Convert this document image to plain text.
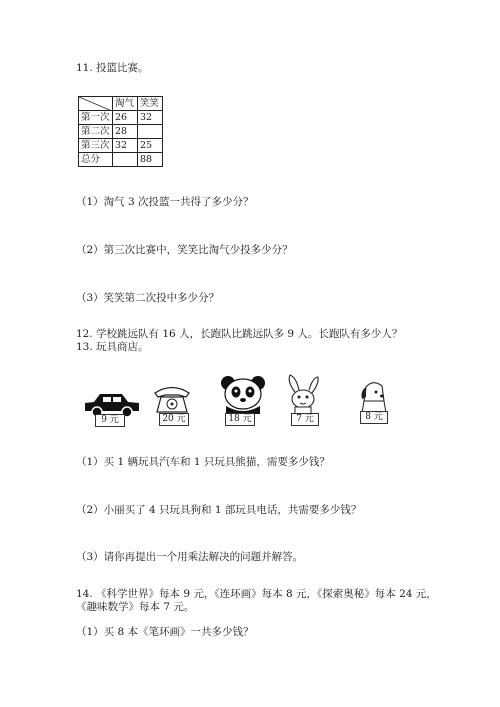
11. 投篮比赛。
	淘气	笑笑
第一次	26	32
第二次	28	
第三次	32	25
总分		88
（1）淘气 3 次投篮一共得了多少分？
（2）第三次比赛中，笑笑比淘气少投多少分？
（3）笑笑第二次投中多少分？
12. 学校跳远队有 16 人，长跑队比跳远队多 9 人。长跑队有多少人？
13. 玩具商店。
9 元	20 元	18 元	7 元	8 元
（1）买 1 辆玩具汽车和 1 只玩具熊猫，需要多少钱？
（2）小丽买了 4 只玩具狗和 1 部玩具电话，共需要多少钱？
（3）请你再提出一个用乘法解决的问题并解答。
14. 《科学世界》每本 9 元，《连环画》每本 8 元，《探索奥秘》每本 24 元，
《趣味数学》每本 7 元。
（1）买 8 本《笔环画》一共多少钱？
